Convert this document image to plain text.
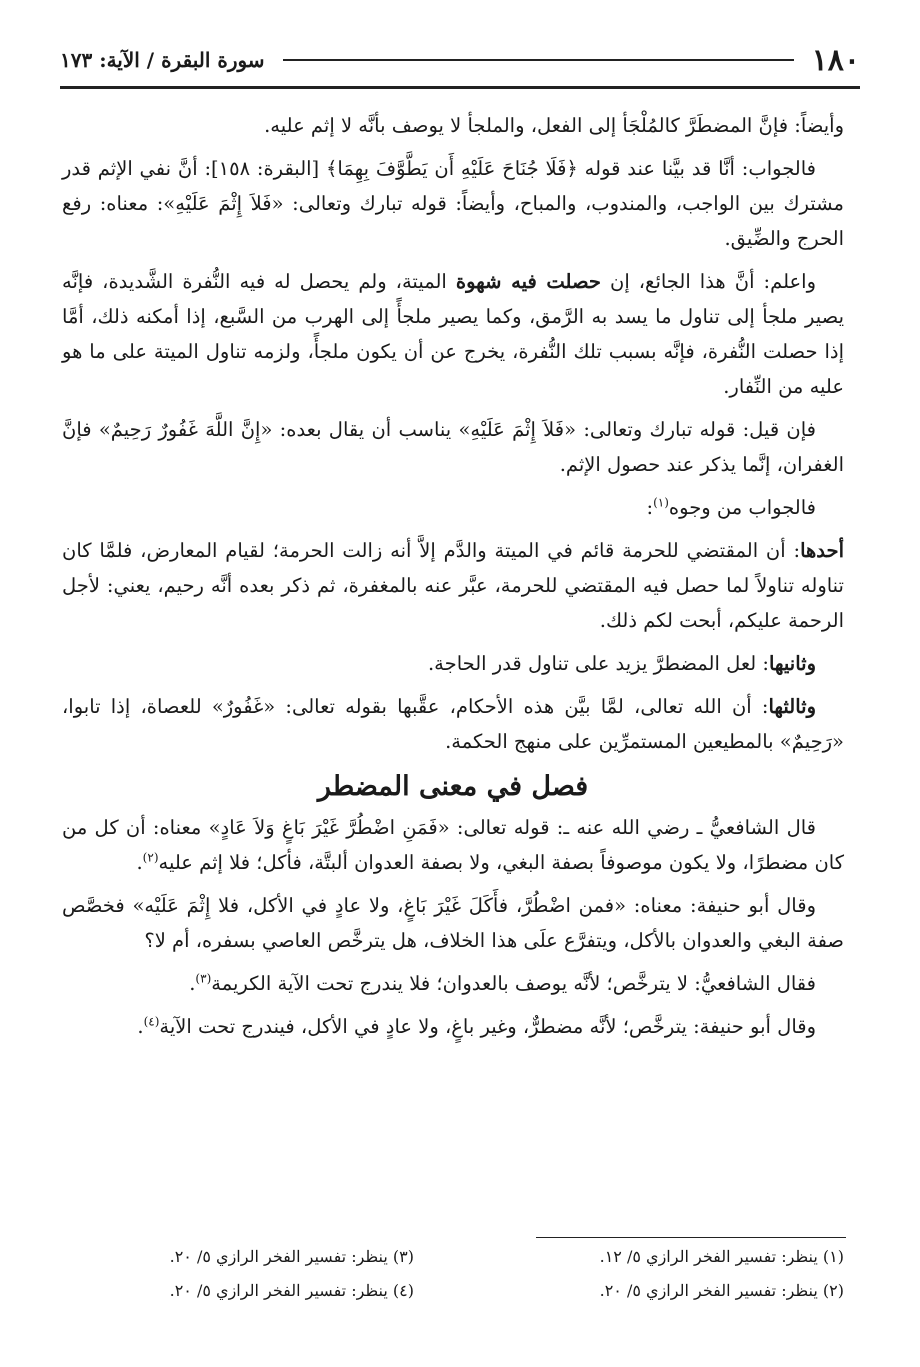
١٨٠
سورة البقرة / الآية: ١٧٣

وأيضاً: فإنَّ المضطَرَّ كالمُلْجَأ إلى الفعل، والملجأ لا يوصف بأنَّه لا إثم عليه.

فالجواب: أنَّا قد بيَّنا عند قوله ﴿فَلَا جُنَاحَ عَلَيْهِ أَن يَطَّوَّفَ بِهِمَا﴾ [البقرة: ١٥٨]: أنَّ نفي الإثم قدر مشترك بين الواجب، والمندوب، والمباح، وأيضاً: قوله تبارك وتعالى: «فَلاَ إِثْمَ عَلَيْهِ»: معناه: رفع الحرج والضِّيق.

واعلم: أنَّ هذا الجائع، إن حصلت فيه شهوة الميتة، ولم يحصل له فيه النُّفرة الشَّديدة، فإنَّه يصير ملجأ إلى تناول ما يسد به الرَّمق، وكما يصير ملجأً إلى الهرب من السَّبع، إذا أمكنه ذلك، أمَّا إذا حصلت النُّفرة، فإنَّه بسبب تلك النُّفرة، يخرج عن أن يكون ملجأً، ولزمه تناول الميتة على ما هو عليه من النِّفار.

فإن قيل: قوله تبارك وتعالى: «فَلاَ إِثْمَ عَلَيْهِ» يناسب أن يقال بعده: «إِنَّ اللَّهَ غَفُورٌ رَحِيمٌ» فإنَّ الغفران، إنَّما يذكر عند حصول الإثم.

فالجواب من وجوه$^{(١)}$:

أحدها: أن المقتضي للحرمة قائم في الميتة والدَّم إلاَّ أنه زالت الحرمة؛ لقيام المعارض، فلمَّا كان تناوله تناولاً لما حصل فيه المقتضي للحرمة، عبَّر عنه بالمغفرة، ثم ذكر بعده أنَّه رحيم، يعني: لأجل الرحمة عليكم، أبحت لكم ذلك.

وثانيها: لعل المضطرَّ يزيد على تناول قدر الحاجة.

وثالثها: أن الله تعالى، لمَّا بيَّن هذه الأحكام، عقَّبها بقوله تعالى: «غَفُورٌ» للعصاة، إذا تابوا، «رَحِيمٌ» بالمطيعين المستمرِّين على منهج الحكمة.

فصل في معنى المضطر

قال الشافعيُّ ـ رضي الله عنه ـ: قوله تعالى: «فَمَنِ اضْطُرَّ غَيْرَ بَاغٍ وَلاَ عَادٍ» معناه: أن كل من كان مضطرًا، ولا يكون موصوفاً بصفة البغي، ولا بصفة العدوان ألبتَّة، فأكل؛ فلا إثم عليه$^{(٢)}$.

وقال أبو حنيفة: معناه: «فمن اضْطُرَّ، فأَكَلَ غَيْرَ بَاغٍ، ولا عادٍ في الأكل، فلا إِثْمَ عَلَيْه» فخصَّص صفة البغي والعدوان بالأكل، ويتفرَّع علَى هذا الخلاف، هل يترخَّص العاصي بسفره، أم لا؟

فقال الشافعيُّ: لا يترخَّص؛ لأنَّه يوصف بالعدوان؛ فلا يندرج تحت الآية الكريمة$^{(٣)}$.

وقال أبو حنيفة: يترخَّص؛ لأنَّه مضطرٌّ، وغير باغٍ، ولا عادٍ في الأكل، فيندرج تحت الآية$^{(٤)}$.

(١) ينظر: تفسير الفخر الرازي ٥/ ١٢.
(٢) ينظر: تفسير الفخر الرازي ٥/ ٢٠.
(٣) ينظر: تفسير الفخر الرازي ٥/ ٢٠.
(٤) ينظر: تفسير الفخر الرازي ٥/ ٢٠.
